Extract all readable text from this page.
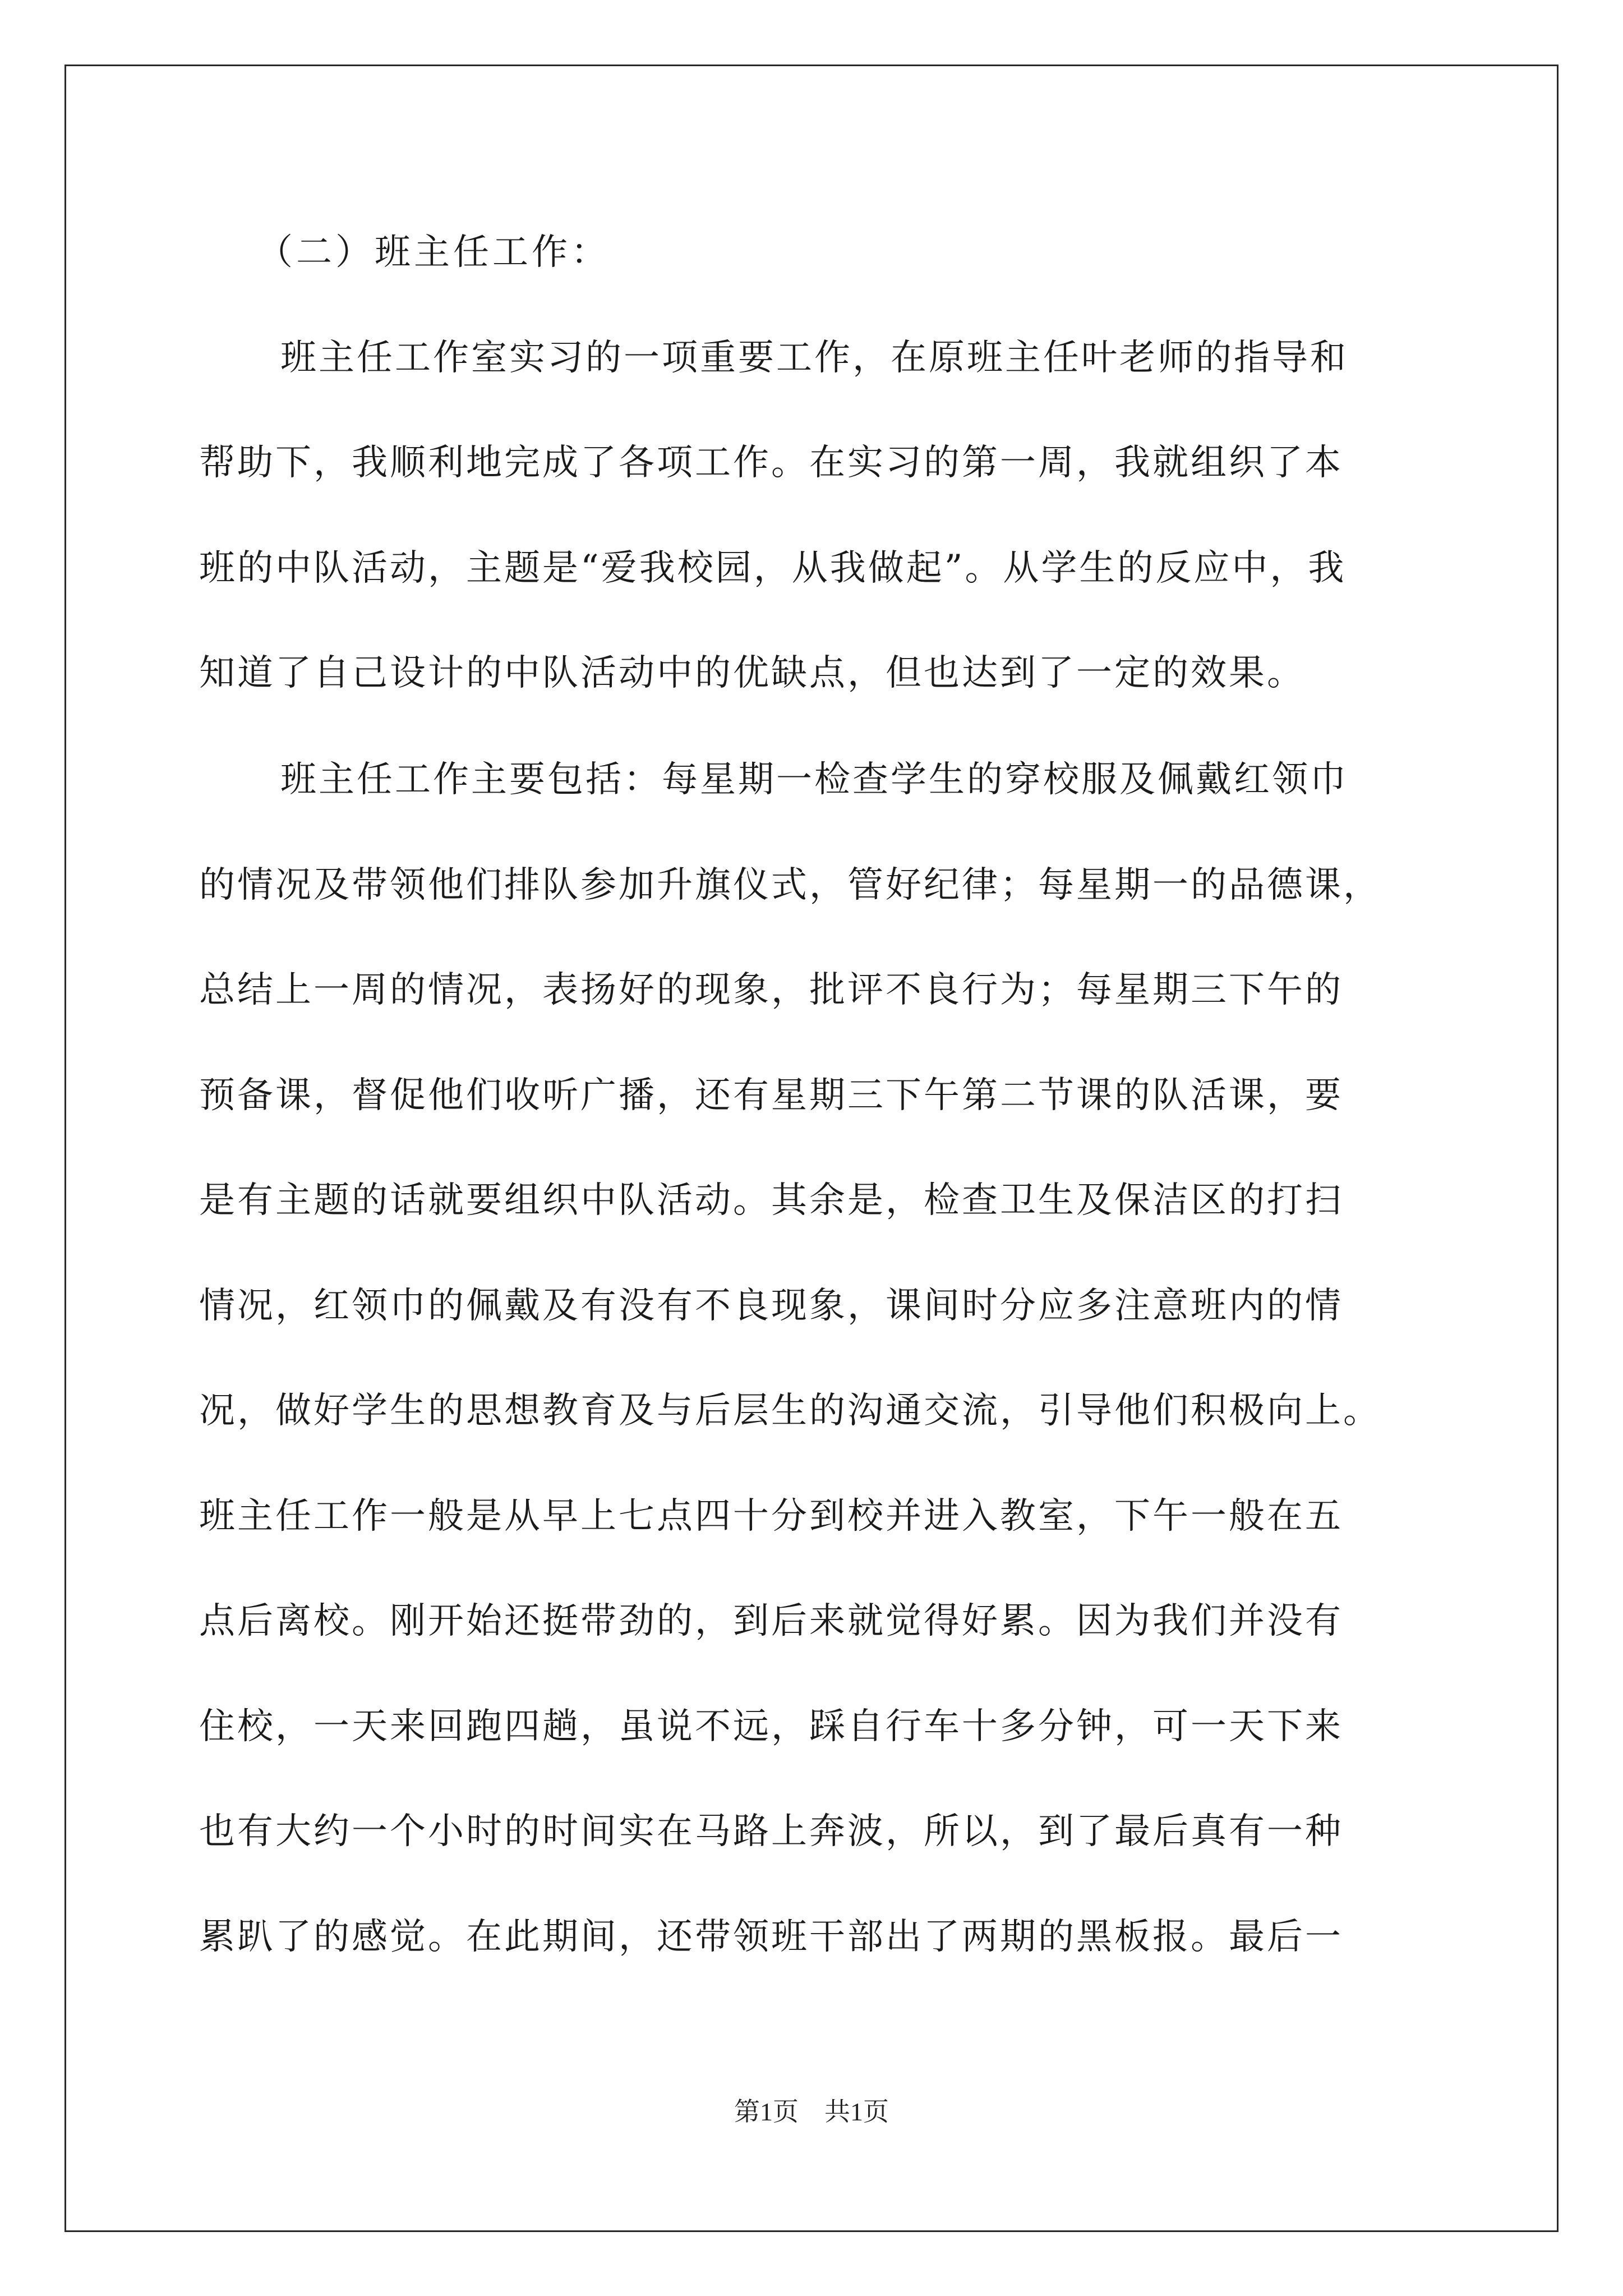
（二）班主任工作：
班主任工作室实习的一项重要工作，在原班主任叶老师的指导和
帮助下，我顺利地完成了各项工作。在实习的第一周，我就组织了本
班的中队活动，主题是“爱我校园，从我做起”。从学生的反应中，我
知道了自己设计的中队活动中的优缺点，但也达到了一定的效果。
班主任工作主要包括：每星期一检查学生的穿校服及佩戴红领巾
的情况及带领他们排队参加升旗仪式，管好纪律；每星期一的品德课，
总结上一周的情况，表扬好的现象，批评不良行为；每星期三下午的
预备课，督促他们收听广播，还有星期三下午第二节课的队活课，要
是有主题的话就要组织中队活动。其余是，检查卫生及保洁区的打扫
情况，红领巾的佩戴及有没有不良现象，课间时分应多注意班内的情
况，做好学生的思想教育及与后层生的沟通交流，引导他们积极向上。
班主任工作一般是从早上七点四十分到校并进入教室，下午一般在五
点后离校。刚开始还挺带劲的，到后来就觉得好累。因为我们并没有
住校，一天来回跑四趟，虽说不远，踩自行车十多分钟，可一天下来
也有大约一个小时的时间实在马路上奔波，所以，到了最后真有一种
累趴了的感觉。在此期间，还带领班干部出了两期的黑板报。最后一
第1页　共1页
